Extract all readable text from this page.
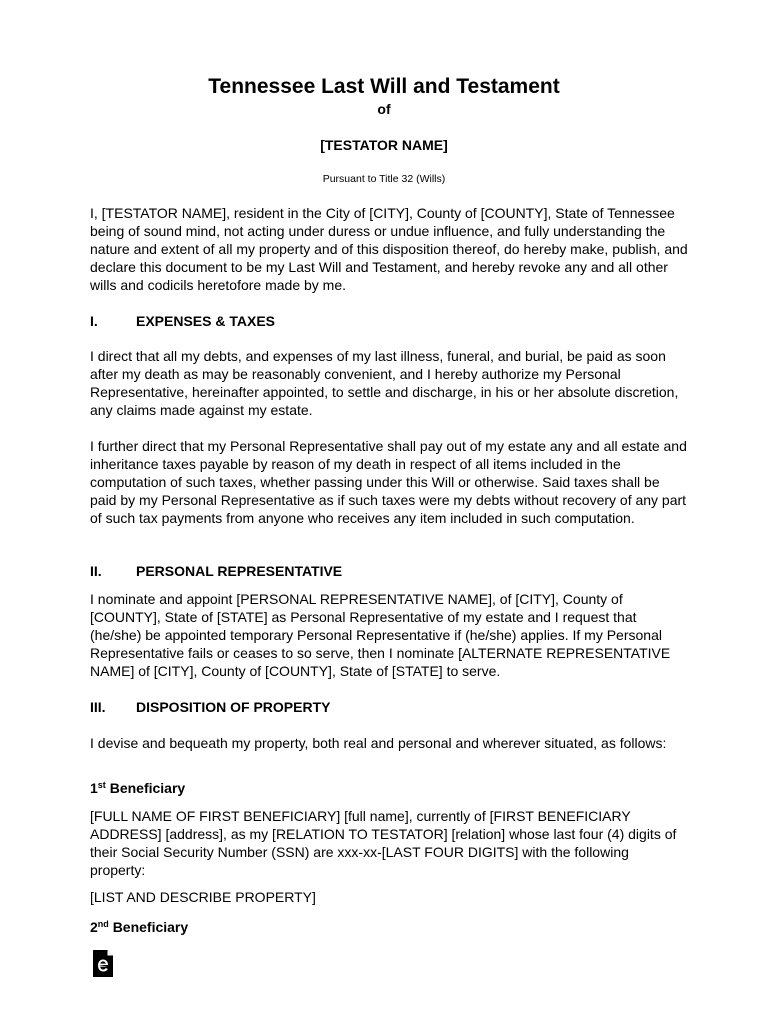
Tennessee Last Will and Testament
of
[TESTATOR NAME]
Pursuant to Title 32 (Wills)

I, [TESTATOR NAME], resident in the City of [CITY], County of [COUNTY], State of Tennessee being of sound mind, not acting under duress or undue influence, and fully understanding the nature and extent of all my property and of this disposition thereof, do hereby make, publish, and declare this document to be my Last Will and Testament, and hereby revoke any and all other wills and codicils heretofore made by me.

I.	EXPENSES & TAXES

I direct that all my debts, and expenses of my last illness, funeral, and burial, be paid as soon after my death as may be reasonably convenient, and I hereby authorize my Personal Representative, hereinafter appointed, to settle and discharge, in his or her absolute discretion, any claims made against my estate.

I further direct that my Personal Representative shall pay out of my estate any and all estate and inheritance taxes payable by reason of my death in respect of all items included in the computation of such taxes, whether passing under this Will or otherwise. Said taxes shall be paid by my Personal Representative as if such taxes were my debts without recovery of any part of such tax payments from anyone who receives any item included in such computation.

II. PERSONAL REPRESENTATIVE

I nominate and appoint [PERSONAL REPRESENTATIVE NAME], of [CITY], County of [COUNTY], State of [STATE] as Personal Representative of my estate and I request that (he/she) be appointed temporary Personal Representative if (he/she) applies. If my Personal Representative fails or ceases to so serve, then I nominate [ALTERNATE REPRESENTATIVE NAME] of [CITY], County of [COUNTY], State of [STATE] to serve.

III. DISPOSITION OF PROPERTY

I devise and bequeath my property, both real and personal and wherever situated, as follows:

1st Beneficiary

[FULL NAME OF FIRST BENEFICIARY] [full name], currently of [FIRST BENEFICIARY ADDRESS] [address], as my [RELATION TO TESTATOR] [relation] whose last four (4) digits of their Social Security Number (SSN) are xxx-xx-[LAST FOUR DIGITS] with the following property:

[LIST AND DESCRIBE PROPERTY]

2nd Beneficiary
